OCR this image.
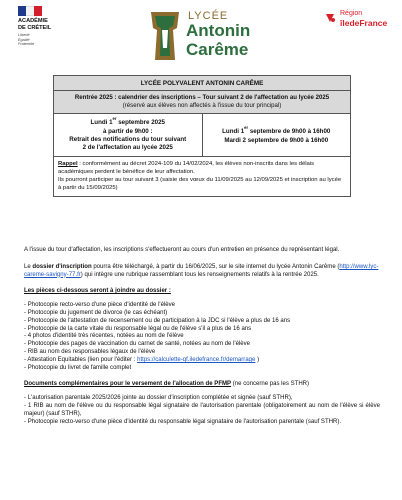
ACADÉMIE
DE CRÉTEIL
Liberté
Égalité
Fraternité
LYCÉE
Antonin
Carême
Région
îledeFrance
LYCÉE POLYVALENT ANTONIN CARÊME
Rentrée 2025 : calendrier des inscriptions – Tour suivant 2 de l'affectation au lycée 2025
(réservé aux élèves non affectés à l'issue du tour principal)
Lundi 1er septembre 2025
à partir de 9h00 :
Retrait des notifications du tour suivant
2 de l'affectation au lycée 2025
Lundi 1er septembre de 9h00 à 16h00
Mardi 2 septembre de 9h00 à 16h00
Rappel : conformément au décret 2024-109 du 14/02/2024, les élèves non-inscrits dans les délais académiques perdent le bénéfice de leur affectation.
Ils pourront participer au tour suivant 3 (saisie des vœux du 11/09/2025 au 12/09/2025 et inscription au lycée à partir du 15/09/2025)

A l'issue du tour d'affectation, les inscriptions s'effectueront au cours d'un entretien en présence du représentant légal.

Le dossier d'inscription pourra être téléchargé, à partir du 16/06/2025, sur le site internet du lycée Antonin Carême (http://www.lyc-careme-savigny-77.fr) qui intègre une rubrique rassemblant tous les renseignements relatifs à la rentrée 2025.

Les pièces ci-dessous seront à joindre au dossier :

- Photocopie recto-verso d'une pièce d'identité de l'élève
- Photocopie du jugement de divorce (le cas échéant)
- Photocopie de l'attestation de recensement ou de participation à la JDC si l'élève a plus de 16 ans
- Photocopie de la carte vitale du responsable légal ou de l'élève s'il a plus de 16 ans
- 4 photos d'identité très récentes, notées au nom de l'élève
- Photocopie des pages de vaccination du carnet de santé, notées au nom de l'élève
- RIB au nom des responsables légaux de l'élève
- Attestation Equitables (lien pour l'éditer : https://calculette-qf.iledefrance.fr/demarrage )
- Photocopie du livret de famille complet

Documents complémentaires pour le versement de l'allocation de PFMP (ne concerne pas les STHR)

- L'autorisation parentale 2025/2026 jointe au dossier d'inscription complétée et signée (sauf STHR),
- 1 RIB au nom de l'élève ou du responsable légal signataire de l'autorisation parentale (obligatoirement au nom de l'élève si élève majeur) (sauf STHR),
- Photocopie recto-verso d'une pièce d'identité du responsable légal signataire de l'autorisation parentale (sauf STHR).
